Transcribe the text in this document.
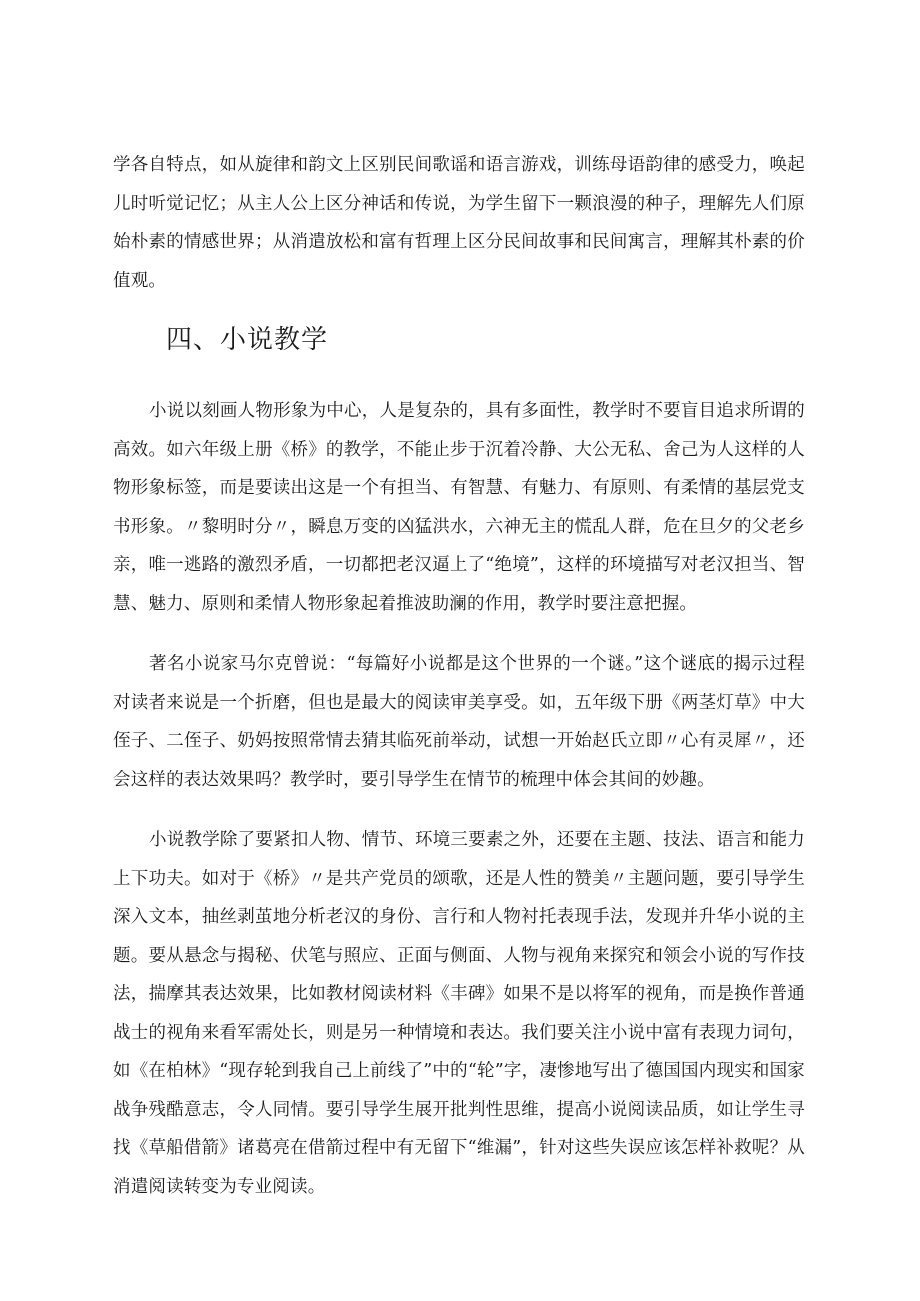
学各自特点，如从旋律和韵文上区别民间歌谣和语言游戏，训练母语韵律的感受力，唤起儿时听觉记忆；从主人公上区分神话和传说，为学生留下一颗浪漫的种子，理解先人们原始朴素的情感世界；从消遣放松和富有哲理上区分民间故事和民间寓言，理解其朴素的价值观。

四、小说教学

小说以刻画人物形象为中心，人是复杂的，具有多面性，教学时不要盲目追求所谓的高效。如六年级上册《桥》的教学，不能止步于沉着冷静、大公无私、舍己为人这样的人物形象标签，而是要读出这是一个有担当、有智慧、有魅力、有原则、有柔情的基层党支书形象。〃黎明时分〃，瞬息万变的凶猛洪水，六神无主的慌乱人群，危在旦夕的父老乡亲，唯一逃路的激烈矛盾，一切都把老汉逼上了“绝境”，这样的环境描写对老汉担当、智慧、魅力、原则和柔情人物形象起着推波助澜的作用，教学时要注意把握。

著名小说家马尔克曾说：“每篇好小说都是这个世界的一个谜。”这个谜底的揭示过程对读者来说是一个折磨，但也是最大的阅读审美享受。如，五年级下册《两茎灯草》中大侄子、二侄子、奶妈按照常情去猜其临死前举动，试想一开始赵氏立即〃心有灵犀〃，还会这样的表达效果吗？教学时，要引导学生在情节的梳理中体会其间的妙趣。

小说教学除了要紧扣人物、情节、环境三要素之外，还要在主题、技法、语言和能力上下功夫。如对于《桥》〃是共产党员的颂歌，还是人性的赞美〃主题问题，要引导学生深入文本，抽丝剥茧地分析老汉的身份、言行和人物衬托表现手法，发现并升华小说的主题。要从悬念与揭秘、伏笔与照应、正面与侧面、人物与视角来探究和领会小说的写作技法，揣摩其表达效果，比如教材阅读材料《丰碑》如果不是以将军的视角，而是换作普通战士的视角来看军需处长，则是另一种情境和表达。我们要关注小说中富有表现力词句，如《在柏林》“现存轮到我自己上前线了”中的“轮”字，凄惨地写出了德国国内现实和国家战争残酷意志，令人同情。要引导学生展开批判性思维，提高小说阅读品质，如让学生寻找《草船借箭》诸葛亮在借箭过程中有无留下“维漏”，针对这些失误应该怎样补救呢？从消遣阅读转变为专业阅读。
